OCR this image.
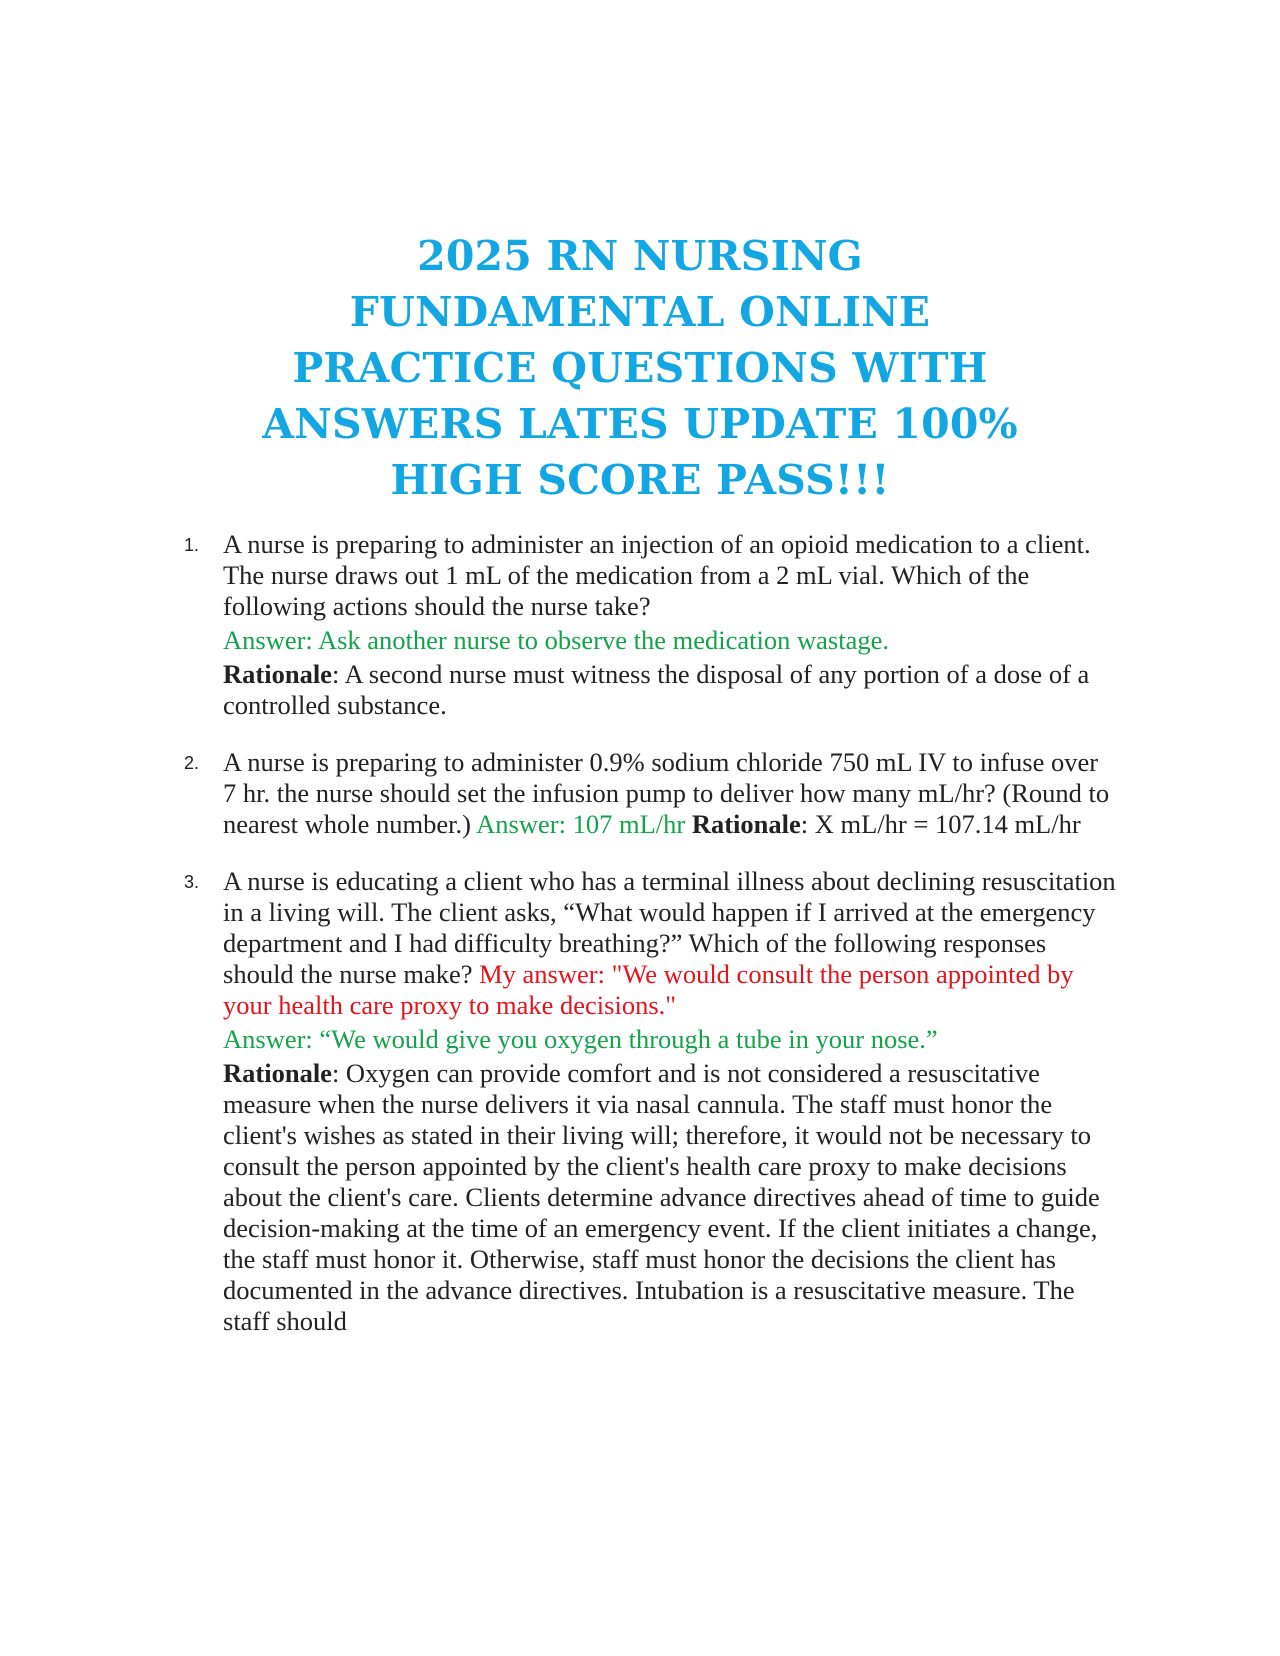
2025 RN NURSING
FUNDAMENTAL ONLINE
PRACTICE QUESTIONS WITH
ANSWERS LATES UPDATE 100%
HIGH SCORE PASS!!!
1. A nurse is preparing to administer an injection of an opioid medication to a client. The nurse draws out 1 mL of the medication from a 2 mL vial. Which of the following actions should the nurse take?

Answer: Ask another nurse to observe the medication wastage.

Rationale: A second nurse must witness the disposal of any portion of a dose of a controlled substance.

2. A nurse is preparing to administer 0.9% sodium chloride 750 mL IV to infuse over 7 hr. the nurse should set the infusion pump to deliver how many mL/hr? (Round to nearest whole number.) Answer: 107 mL/hr Rationale: X mL/hr = 107.14 mL/hr

3. A nurse is educating a client who has a terminal illness about declining resuscitation in a living will. The client asks, “What would happen if I arrived at the emergency department and I had difficulty breathing?” Which of the following responses should the nurse make? My answer: "We would consult the person appointed by your health care proxy to make decisions."

Answer: “We would give you oxygen through a tube in your nose.”

Rationale: Oxygen can provide comfort and is not considered a resuscitative measure when the nurse delivers it via nasal cannula. The staff must honor the client's wishes as stated in their living will; therefore, it would not be necessary to consult the person appointed by the client's health care proxy to make decisions about the client's care. Clients determine advance directives ahead of time to guide decision-making at the time of an emergency event. If the client initiates a change, the staff must honor it. Otherwise, staff must honor the decisions the client has documented in the advance directives. Intubation is a resuscitative measure. The staff should
